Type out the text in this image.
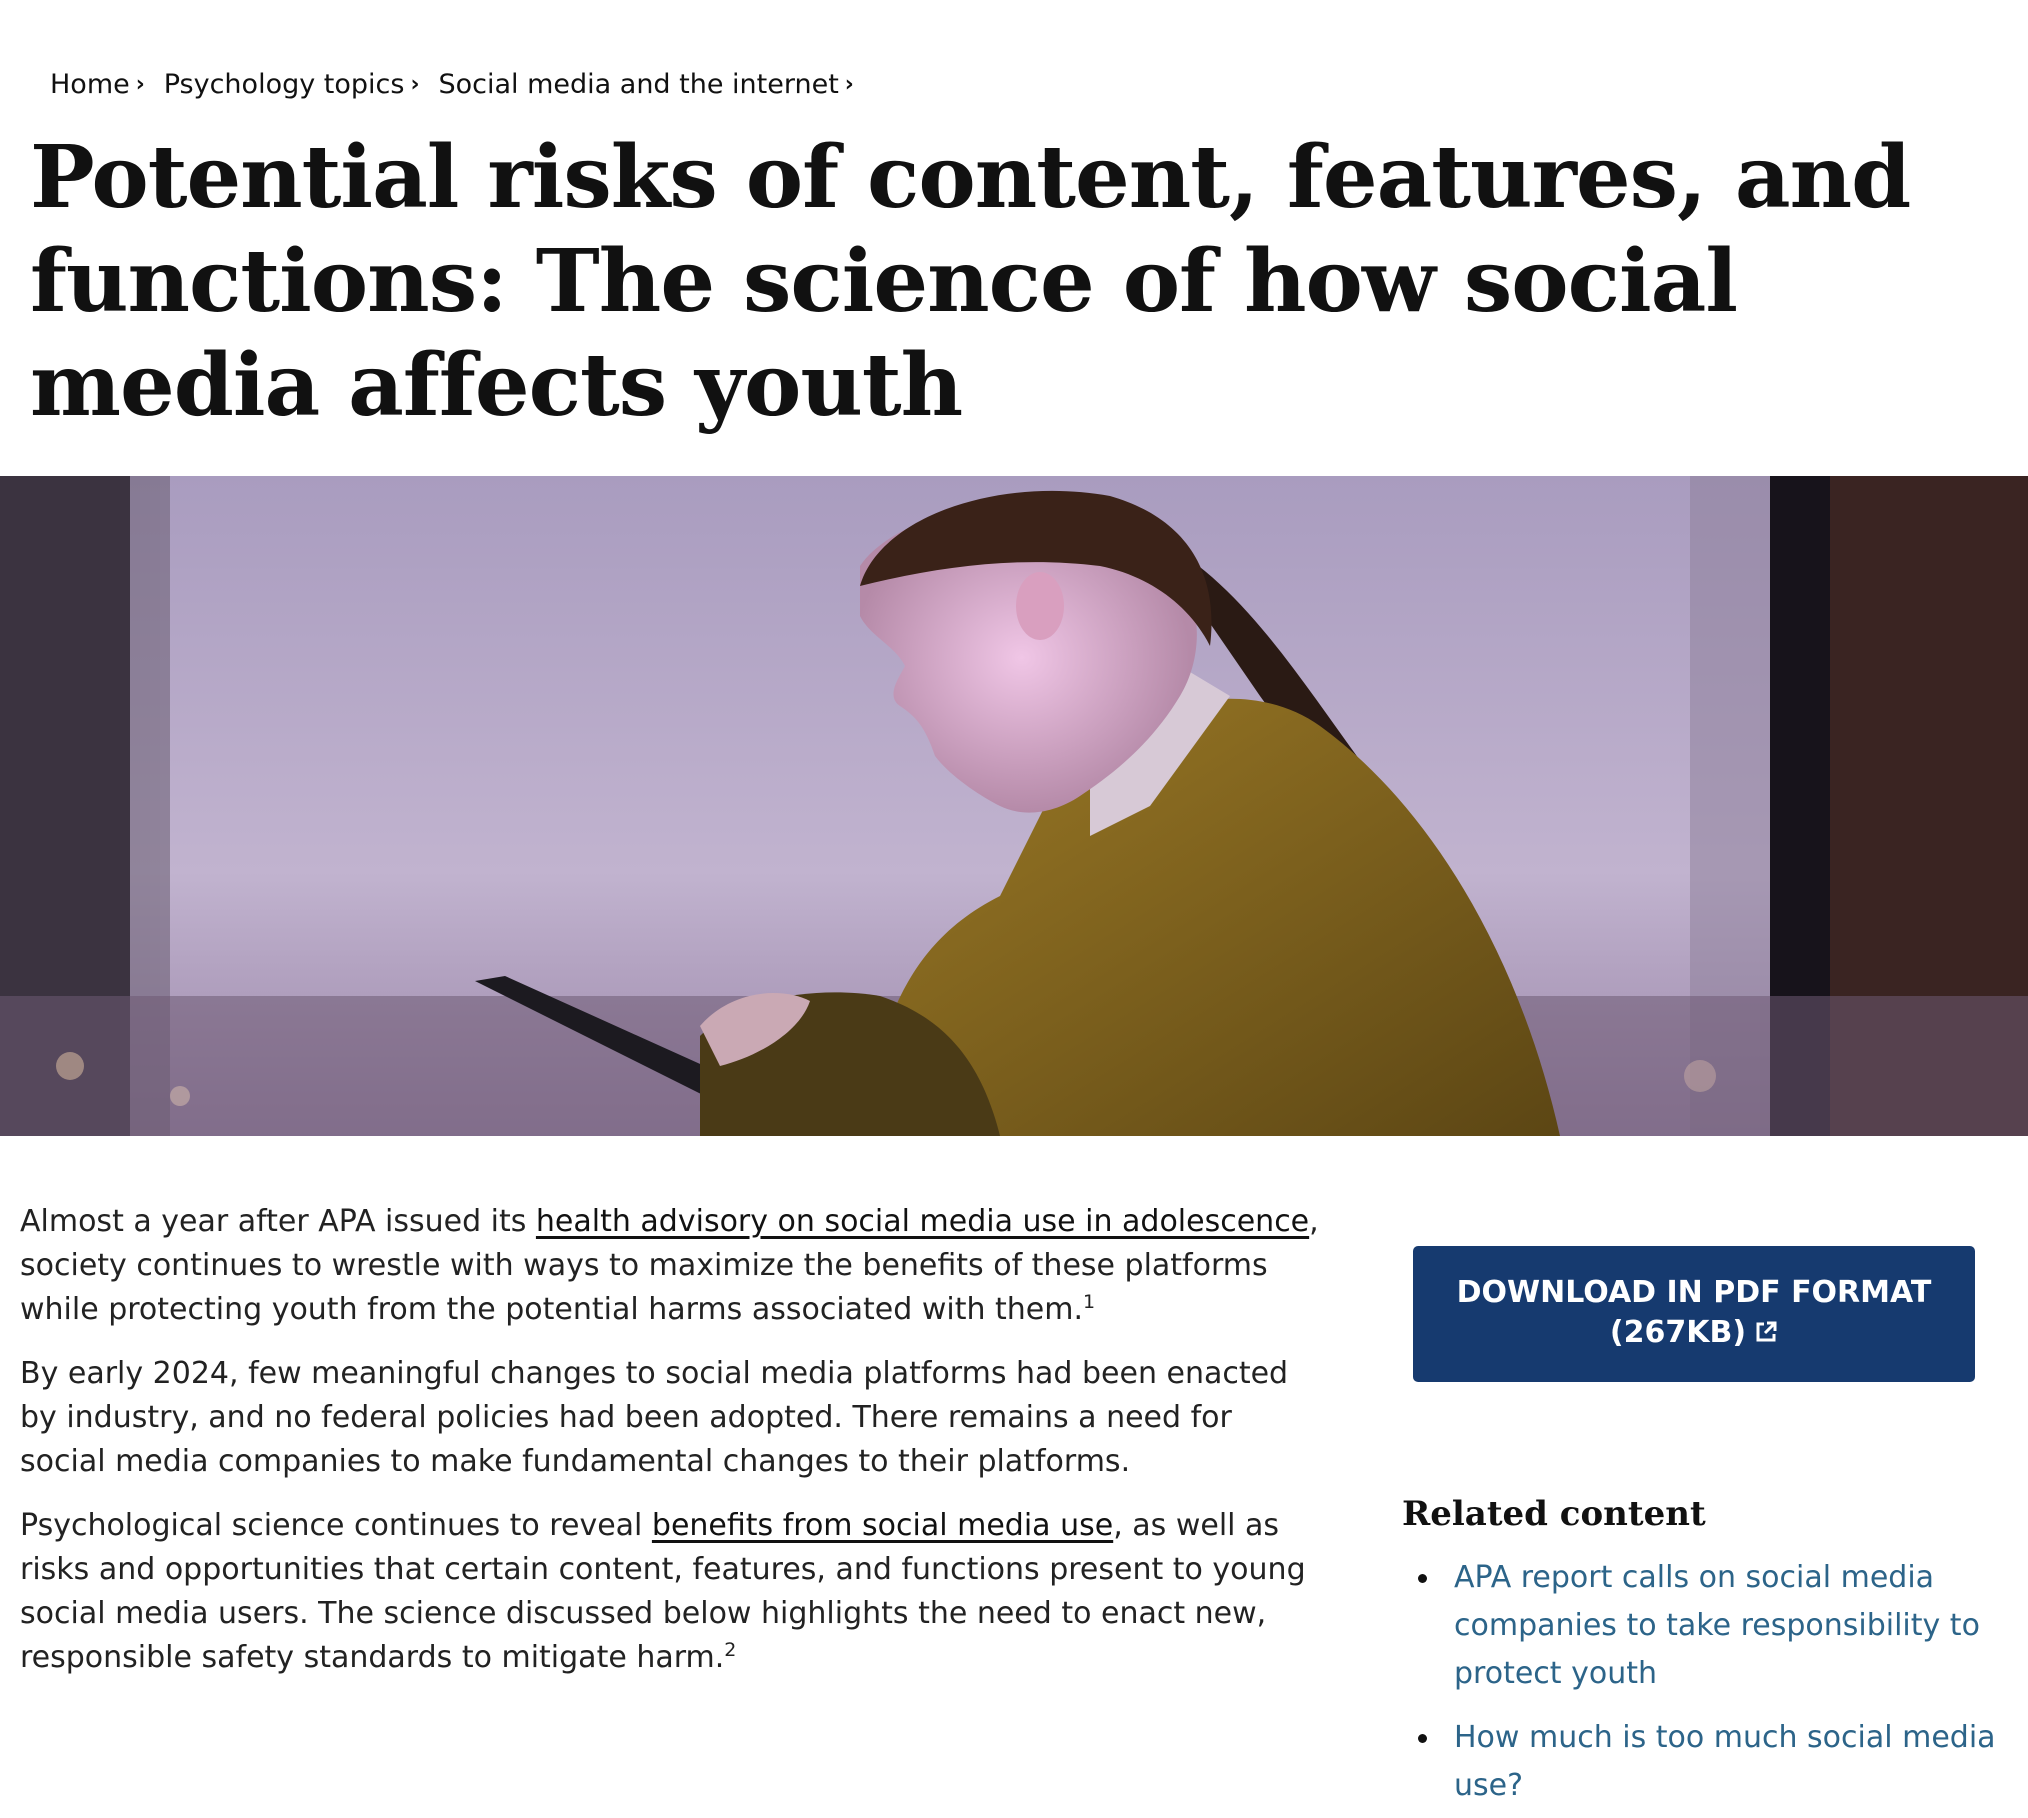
Home › Psychology topics › Social media and the internet ›
Potential risks of content, features, and functions: The science of how social media affects youth

Almost a year after APA issued its health advisory on social media use in adolescence, society continues to wrestle with ways to maximize the benefits of these platforms while protecting youth from the potential harms associated with them.$^1$

By early 2024, few meaningful changes to social media platforms had been enacted by industry, and no federal policies had been adopted. There remains a need for social media companies to make fundamental changes to their platforms.

Psychological science continues to reveal benefits from social media use, as well as risks and opportunities that certain content, features, and functions present to young social media users. The science discussed below highlights the need to enact new, responsible safety standards to mitigate harm.$^2$

DOWNLOAD IN PDF FORMAT (267KB)
Related content
APA report calls on social media companies to take responsibility to protect youth
How much is too much social media use?
